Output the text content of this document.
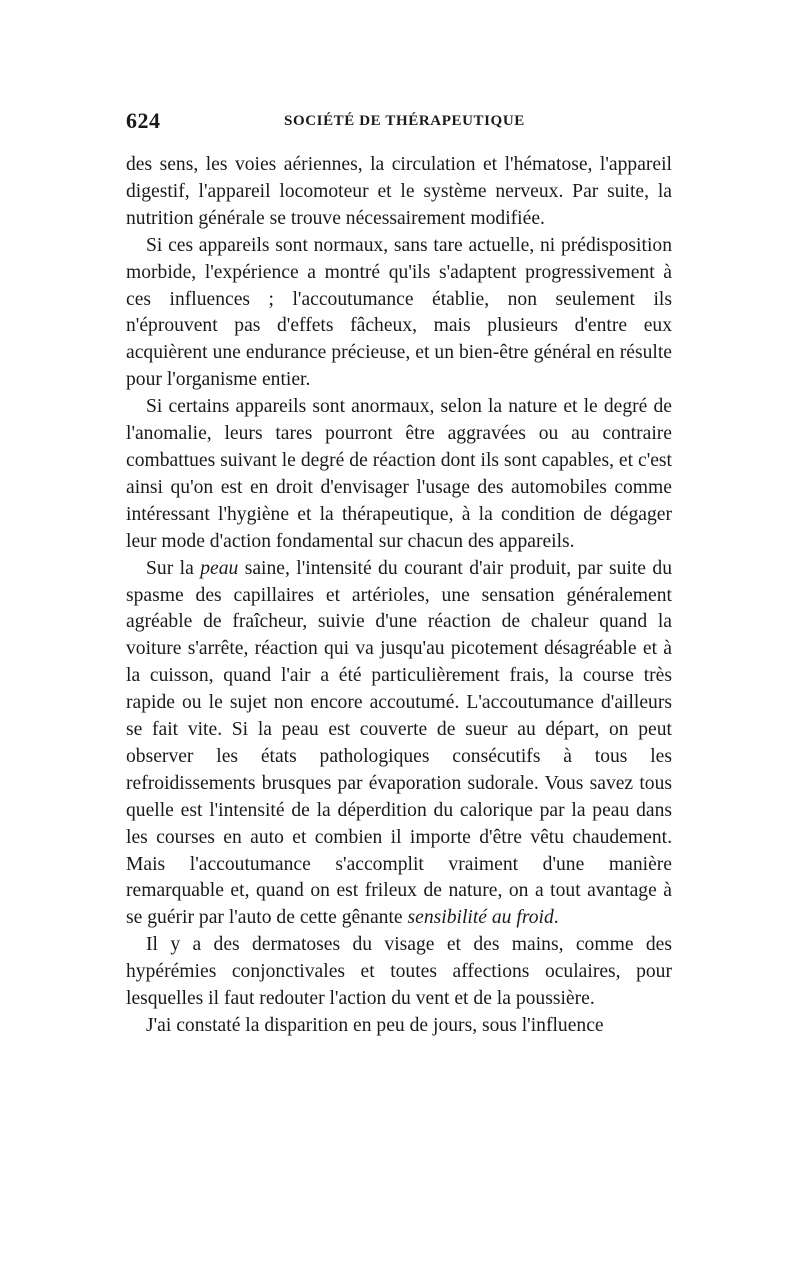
624	SOCIÉTÉ DE THÉRAPEUTIQUE

des sens, les voies aériennes, la circulation et l'hématose, l'appareil digestif, l'appareil locomoteur et le système nerveux. Par suite, la nutrition générale se trouve nécessairement modifiée.

Si ces appareils sont normaux, sans tare actuelle, ni prédisposition morbide, l'expérience a montré qu'ils s'adaptent progressivement à ces influences ; l'accoutumance établie, non seulement ils n'éprouvent pas d'effets fâcheux, mais plusieurs d'entre eux acquièrent une endurance précieuse, et un bien-être général en résulte pour l'organisme entier.

Si certains appareils sont anormaux, selon la nature et le degré de l'anomalie, leurs tares pourront être aggravées ou au contraire combattues suivant le degré de réaction dont ils sont capables, et c'est ainsi qu'on est en droit d'envisager l'usage des automobiles comme intéressant l'hygiène et la thérapeutique, à la condition de dégager leur mode d'action fondamental sur chacun des appareils.

Sur la peau saine, l'intensité du courant d'air produit, par suite du spasme des capillaires et artérioles, une sensation généralement agréable de fraîcheur, suivie d'une réaction de chaleur quand la voiture s'arrête, réaction qui va jusqu'au picotement désagréable et à la cuisson, quand l'air a été particulièrement frais, la course très rapide ou le sujet non encore accoutumé. L'accoutumance d'ailleurs se fait vite. Si la peau est couverte de sueur au départ, on peut observer les états pathologiques consécutifs à tous les refroidissements brusques par évaporation sudorale. Vous savez tous quelle est l'intensité de la déperdition du calorique par la peau dans les courses en auto et combien il importe d'être vêtu chaudement. Mais l'accoutumance s'accomplit vraiment d'une manière remarquable et, quand on est frileux de nature, on a tout avantage à se guérir par l'auto de cette gênante sensibilité au froid.

Il y a des dermatoses du visage et des mains, comme des hypérémies conjonctivales et toutes affections oculaires, pour lesquelles il faut redouter l'action du vent et de la poussière.

J'ai constaté la disparition en peu de jours, sous l'influence
